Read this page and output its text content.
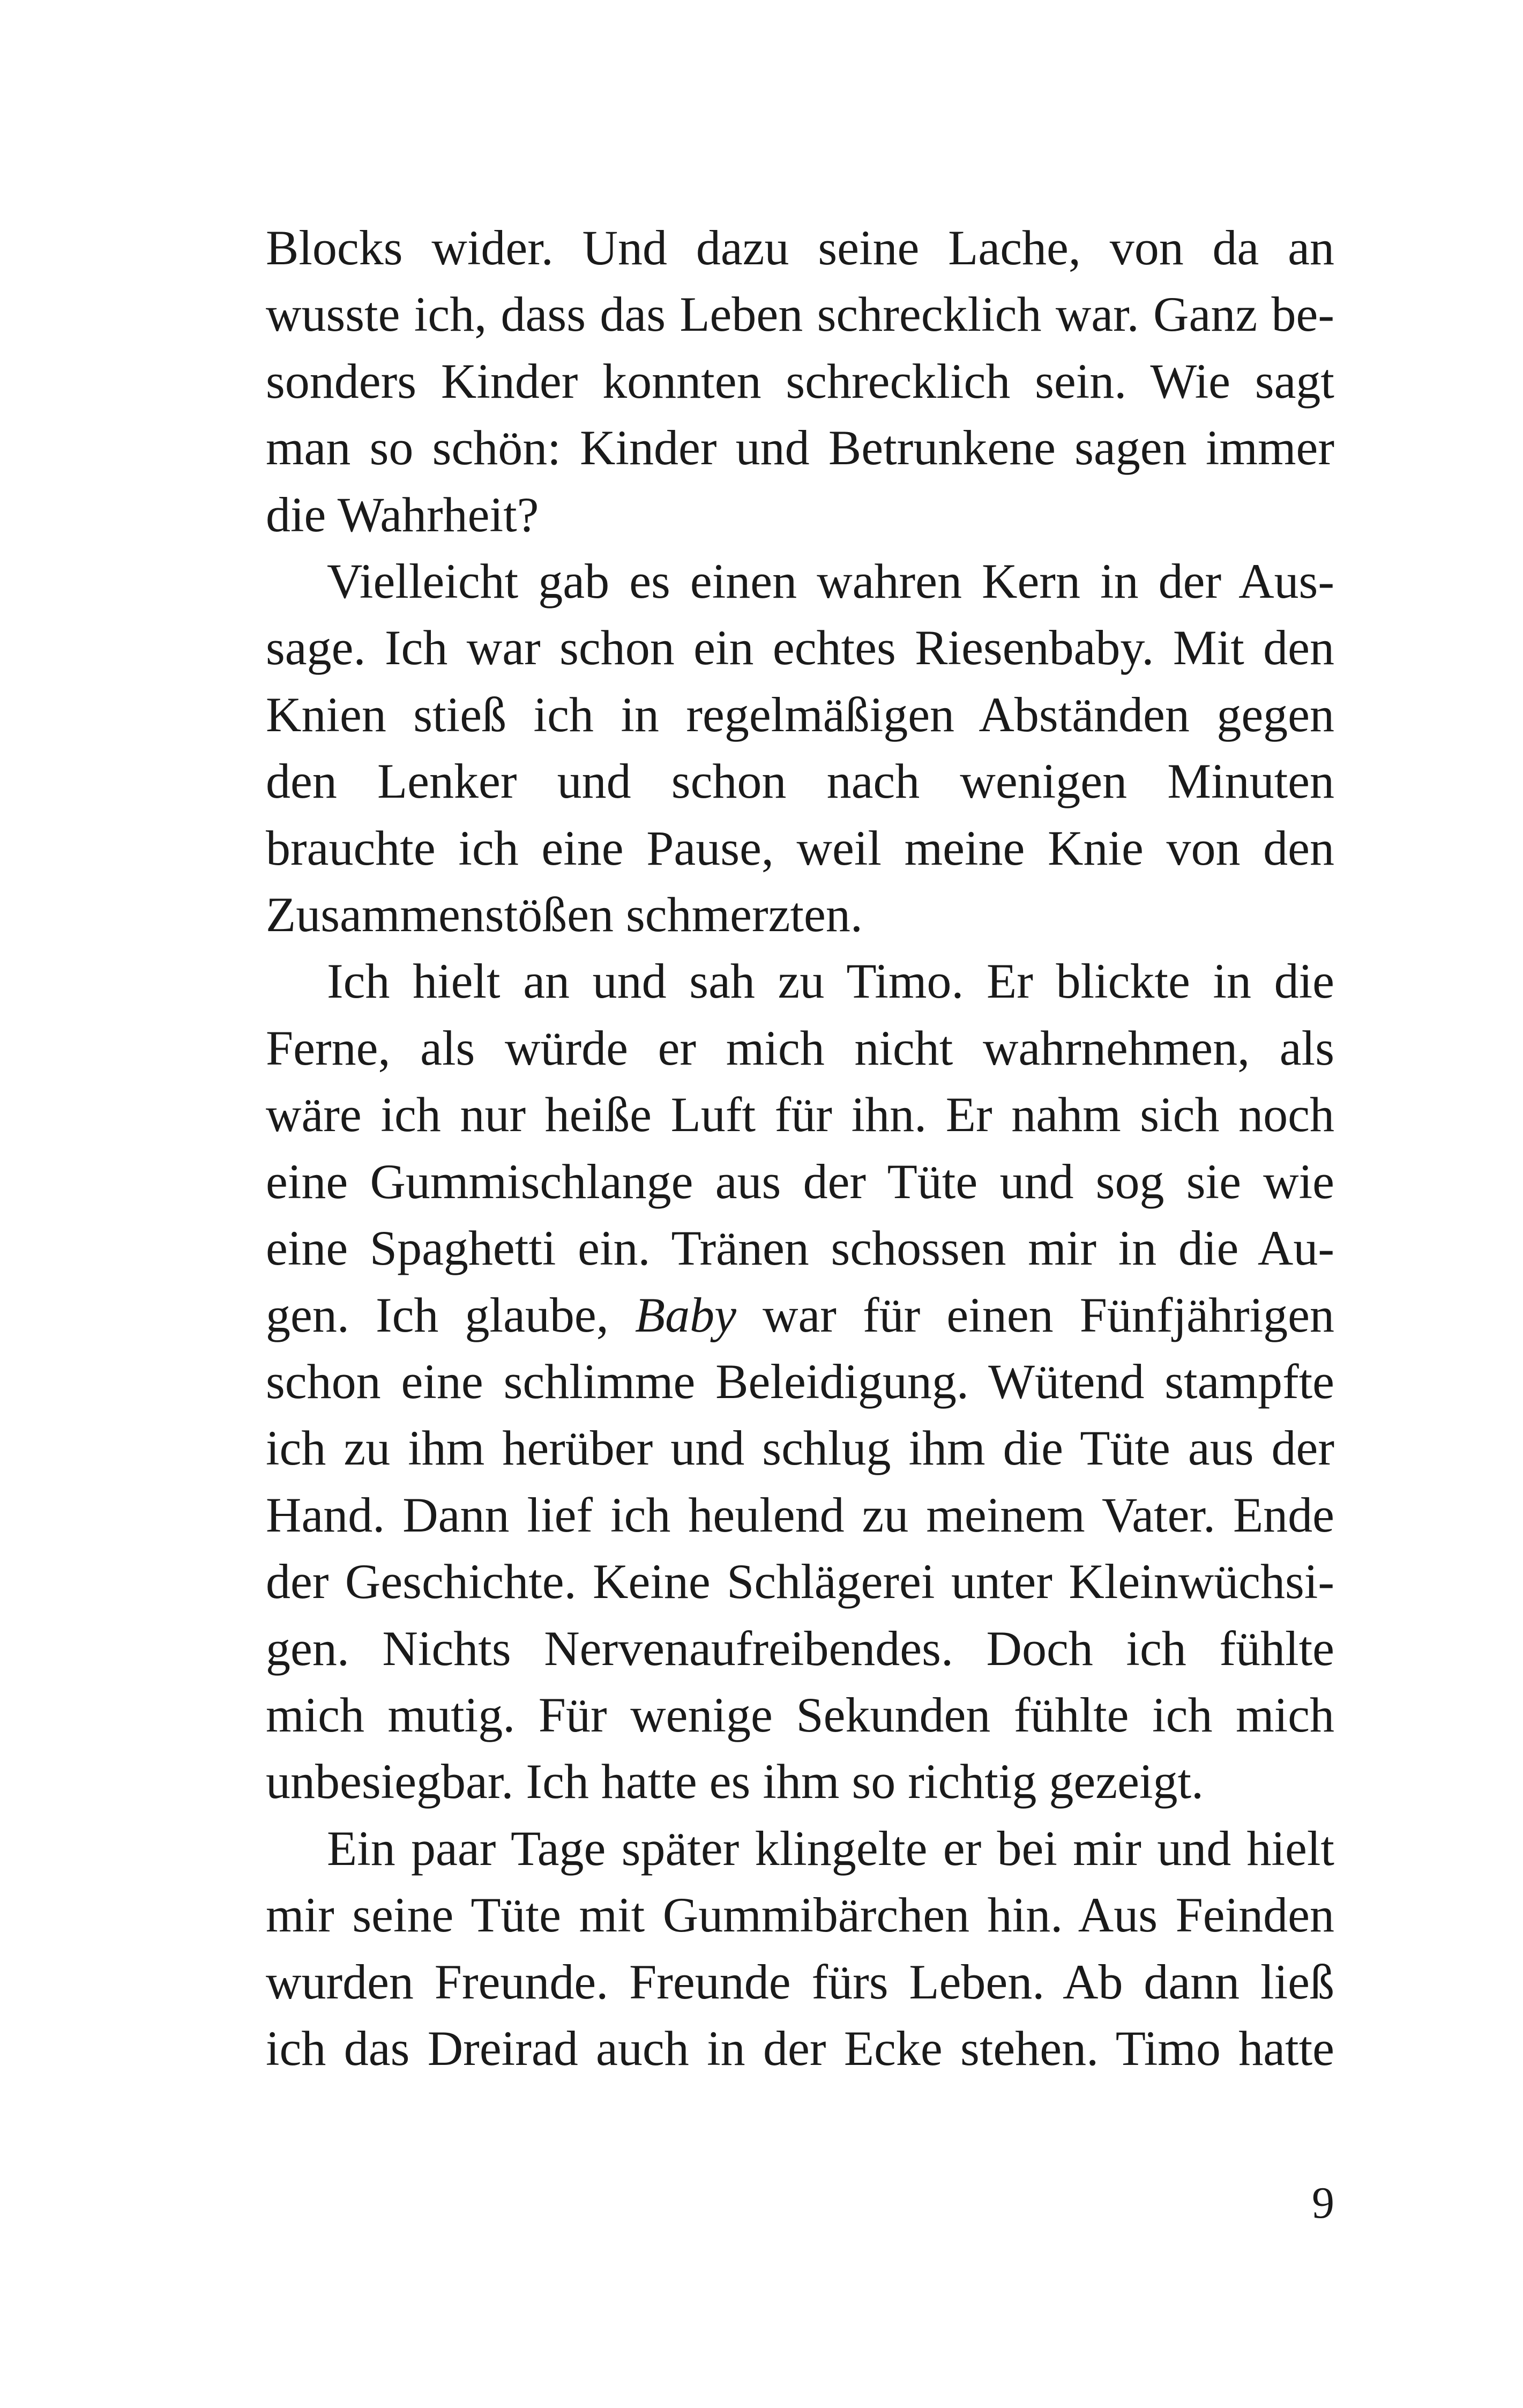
Blocks wider. Und dazu seine Lache, von da an
wusste ich, dass das Leben schrecklich war. Ganz be-
sonders Kinder konnten schrecklich sein. Wie sagt
man so schön: Kinder und Betrunkene sagen immer
die Wahrheit?
Vielleicht gab es einen wahren Kern in der Aus-
sage. Ich war schon ein echtes Riesenbaby. Mit den
Knien stieß ich in regelmäßigen Abständen gegen
den Lenker und schon nach wenigen Minuten
brauchte ich eine Pause, weil meine Knie von den
Zusammenstößen schmerzten.
Ich hielt an und sah zu Timo. Er blickte in die
Ferne, als würde er mich nicht wahrnehmen, als
wäre ich nur heiße Luft für ihn. Er nahm sich noch
eine Gummischlange aus der Tüte und sog sie wie
eine Spaghetti ein. Tränen schossen mir in die Au-
gen. Ich glaube, Baby war für einen Fünfjährigen
schon eine schlimme Beleidigung. Wütend stampfte
ich zu ihm herüber und schlug ihm die Tüte aus der
Hand. Dann lief ich heulend zu meinem Vater. Ende
der Geschichte. Keine Schlägerei unter Kleinwüchsi-
gen. Nichts Nervenaufreibendes. Doch ich fühlte
mich mutig. Für wenige Sekunden fühlte ich mich
unbesiegbar. Ich hatte es ihm so richtig gezeigt.
Ein paar Tage später klingelte er bei mir und hielt
mir seine Tüte mit Gummibärchen hin. Aus Feinden
wurden Freunde. Freunde fürs Leben. Ab dann ließ
ich das Dreirad auch in der Ecke stehen. Timo hatte
9
